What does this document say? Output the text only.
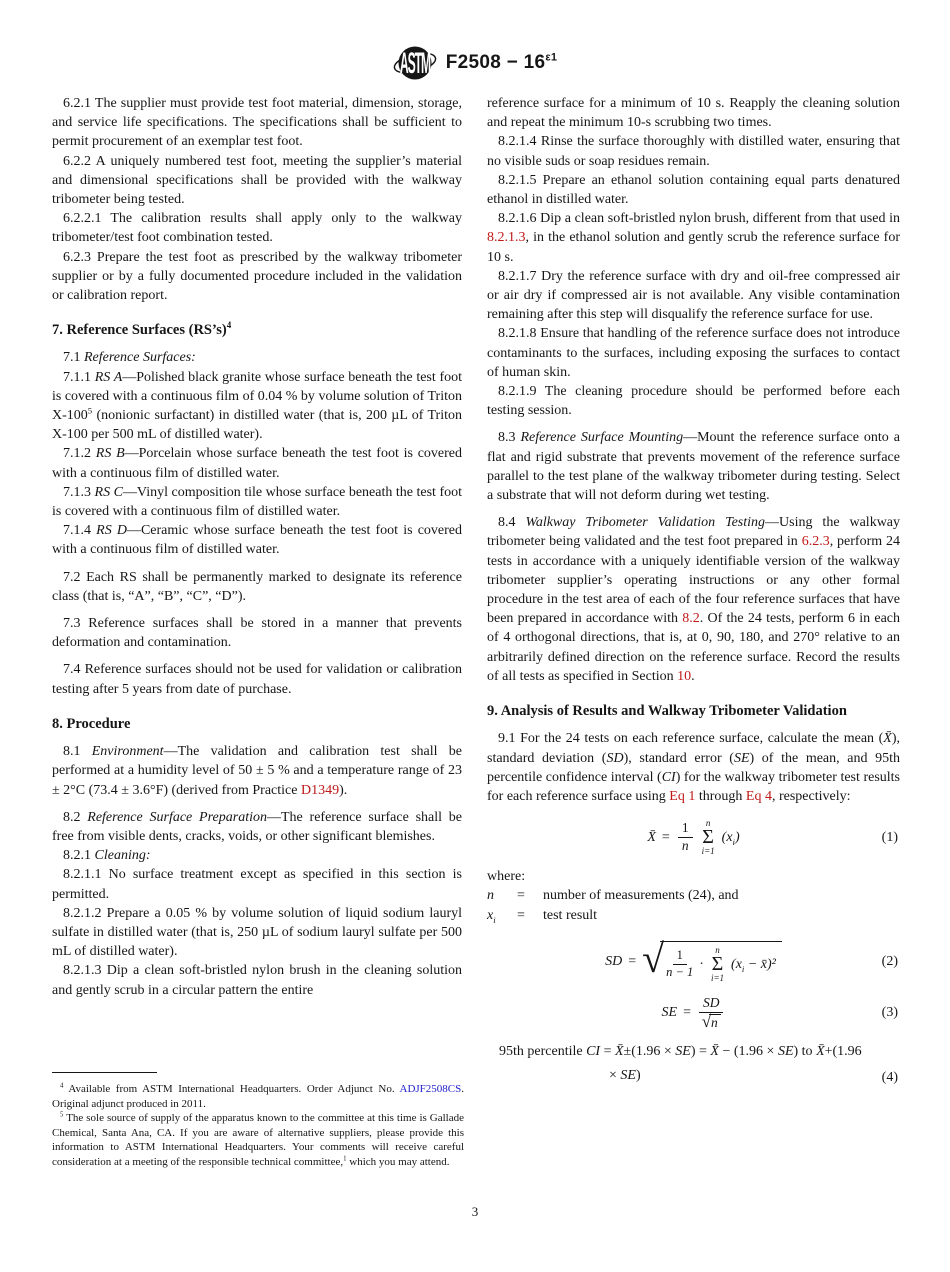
ASTM $F2508 - 16^{\varepsilon 1}$

6.2.1 The supplier must provide test foot material, dimension, storage, and service life specifications. The specifications shall be sufficient to permit procurement of an exemplar test foot.

6.2.2 A uniquely numbered test foot, meeting the supplier’s material and dimensional specifications shall be provided with the walkway tribometer being tested.

6.2.2.1 The calibration results shall apply only to the walkway tribometer/test foot combination tested.

6.2.3 Prepare the test foot as prescribed by the walkway tribometer supplier or by a fully documented procedure included in the validation or calibration report.

7. Reference Surfaces (RS’s)$^4$

7.1 Reference Surfaces:

7.1.1 RS A—Polished black granite whose surface beneath the test foot is covered with a continuous film of 0.04 % by volume solution of Triton $X-100^5$ (nonionic surfactant) in distilled water (that is, 200 µL of Triton X-100 per 500 mL of distilled water).

7.1.2 RS B—Porcelain whose surface beneath the test foot is covered with a continuous film of distilled water.

7.1.3 RS C—Vinyl composition tile whose surface beneath the test foot is covered with a continuous film of distilled water.

7.1.4 RS D—Ceramic whose surface beneath the test foot is covered with a continuous film of distilled water.

7.2 Each RS shall be permanently marked to designate its reference class (that is, “A”, “B”, “C”, “D”).

7.3 Reference surfaces shall be stored in a manner that prevents deformation and contamination.

7.4 Reference surfaces should not be used for validation or calibration testing after 5 years from date of purchase.

8. Procedure

8.1 Environment—The validation and calibration test shall be performed at a humidity level of 50 ± 5 % and a temperature range of 23 ± 2°C (73.4 ± 3.6°F) (derived from Practice D1349).

8.2 Reference Surface Preparation—The reference surface shall be free from visible dents, cracks, voids, or other significant blemishes.

8.2.1 Cleaning:

8.2.1.1 No surface treatment except as specified in this section is permitted.

8.2.1.2 Prepare a 0.05 % by volume solution of liquid sodium lauryl sulfate in distilled water (that is, 250 µL of sodium lauryl sulfate per 500 mL of distilled water).

8.2.1.3 Dip a clean soft-bristled nylon brush in the cleaning solution and gently scrub in a circular pattern the entire

reference surface for a minimum of 10 s. Reapply the cleaning solution and repeat the minimum 10-s scrubbing two times.

8.2.1.4 Rinse the surface thoroughly with distilled water, ensuring that no visible suds or soap residues remain.

8.2.1.5 Prepare an ethanol solution containing equal parts denatured ethanol in distilled water.

8.2.1.6 Dip a clean soft-bristled nylon brush, different from that used in 8.2.1.3, in the ethanol solution and gently scrub the reference surface for 10 s.

8.2.1.7 Dry the reference surface with dry and oil-free compressed air or air dry if compressed air is not available. Any visible contamination remaining after this step will disqualify the reference surface for use.

8.2.1.8 Ensure that handling of the reference surface does not introduce contaminants to the surfaces, including exposing the surfaces to contact of human skin.

8.2.1.9 The cleaning procedure should be performed before each testing session.

8.3 Reference Surface Mounting—Mount the reference surface onto a flat and rigid substrate that prevents movement of the reference surface parallel to the test plane of the walkway tribometer during testing. Select a substrate that will not deform during wet testing.

8.4 Walkway Tribometer Validation Testing—Using the walkway tribometer being validated and the test foot prepared in 6.2.3, perform 24 tests in accordance with a uniquely identifiable version of the walkway tribometer supplier’s operating instructions or any other formal procedure in the test area of each of the four reference surfaces that have been prepared in accordance with 8.2. Of the 24 tests, perform 6 in each of 4 orthogonal directions, that is, at 0, 90, 180, and 270° relative to an arbitrarily defined direction on the reference surface. Record the results of all tests as specified in Section 10.

9. Analysis of Results and Walkway Tribometer Validation

9.1 For the 24 tests on each reference surface, calculate the mean (X̄), standard deviation (SD), standard error (SE) of the mean, and 95th percentile confidence interval (CI) for the walkway tribometer test results for each reference surface using Eq 1 through Eq 4, respectively:

X̄ = $\frac{1}{n}$ n
Σ
i=1
$(x_i)$	(1)

where:

n	=	number of measurements (24), and
$x_i$	=	test result
SD = √ $\frac{1}{n - 1}$ ·
n
Σ
i=1
($x_i$ − x̄)²	(2)
SE = $\frac{SD}{√ n}$	(3)
95th percentile CI = X̄±(1.96 × SE) = X̄ − (1.96 × SE) to X̄+(1.96
× SE)	(4)

$^4$ Available from ASTM International Headquarters. Order Adjunct No. ADJF2508CS. Original adjunct produced in 2011.

$^5$ The sole source of supply of the apparatus known to the committee at this time is Gallade Chemical, Santa Ana, CA. If you are aware of alternative suppliers, please provide this information to ASTM International Headquarters. Your comments will receive careful consideration at a meeting of the responsible technical committee,$^1$ which you may attend.

3
